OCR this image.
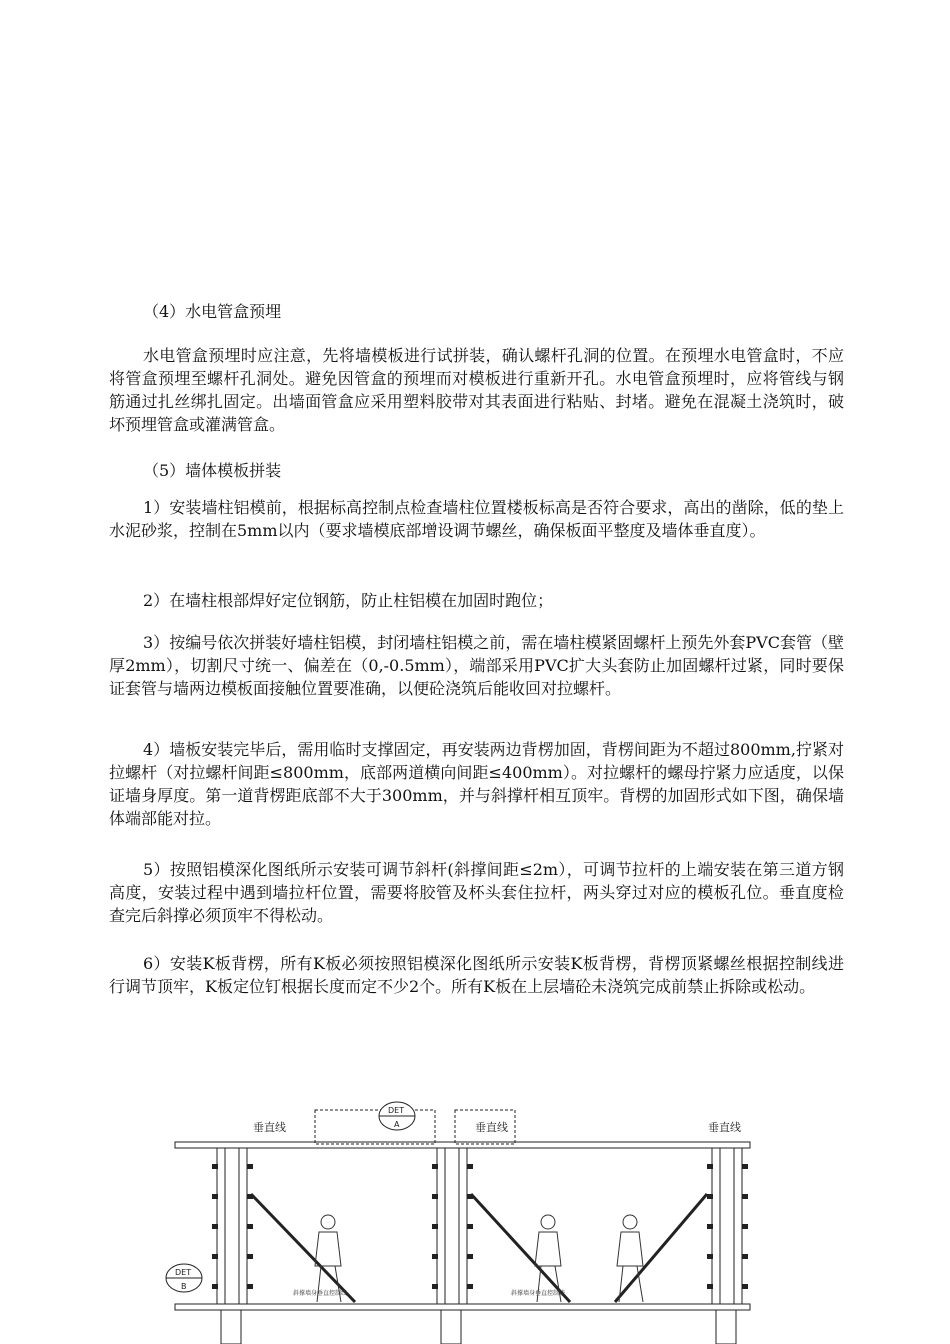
（4）水电管盒预埋
水电管盒预埋时应注意，先将墙模板进行试拼装，确认螺杆孔洞的位置。在预埋水电管盒时，不应将管盒预埋至螺杆孔洞处。避免因管盒的预埋而对模板进行重新开孔。水电管盒预埋时，应将管线与钢筋通过扎丝绑扎固定。出墙面管盒应采用塑料胶带对其表面进行粘贴、封堵。避免在混凝土浇筑时，破坏预埋管盒或灌满管盒。
（5）墙体模板拼装
1）安装墙柱铝模前，根据标高控制点检查墙柱位置楼板标高是否符合要求，高出的凿除，低的垫上水泥砂浆，控制在5mm以内（要求墙模底部增设调节螺丝，确保板面平整度及墙体垂直度）。
2）在墙柱根部焊好定位钢筋，防止柱铝模在加固时跑位；
3）按编号依次拼装好墙柱铝模，封闭墙柱铝模之前，需在墙柱模紧固螺杆上预先外套PVC套管（壁厚2mm），切割尺寸统一、偏差在（0,-0.5mm），端部采用PVC扩大头套防止加固螺杆过紧，同时要保证套管与墙两边模板面接触位置要准确，以便砼浇筑后能收回对拉螺杆。
4）墙板安装完毕后，需用临时支撑固定，再安装两边背楞加固，背楞间距为不超过800mm,拧紧对拉螺杆（对拉螺杆间距≤800mm，底部两道横向间距≤400mm）。对拉螺杆的螺母拧紧力应适度，以保证墙身厚度。第一道背楞距底部不大于300mm，并与斜撑杆相互顶牢。背楞的加固形式如下图，确保墙体端部能对拉。
5）按照铝模深化图纸所示安装可调节斜杆(斜撑间距≤2m），可调节拉杆的上端安装在第三道方钢高度，安装过程中遇到墙拉杆位置，需要将胶管及杯头套住拉杆，两头穿过对应的模板孔位。垂直度检查完后斜撑必须顶牢不得松动。
6）安装K板背楞，所有K板必须按照铝模深化图纸所示安装K板背楞，背楞顶紧螺丝根据控制线进行调节顶牢，K板定位钉根据长度而定不少2个。所有K板在上层墙砼未浇筑完成前禁止拆除或松动。
垂直线	垂直线	垂直线
DET
A
DET
B
斜撑墙身垂直控制线	斜撑墙身垂直控制线
